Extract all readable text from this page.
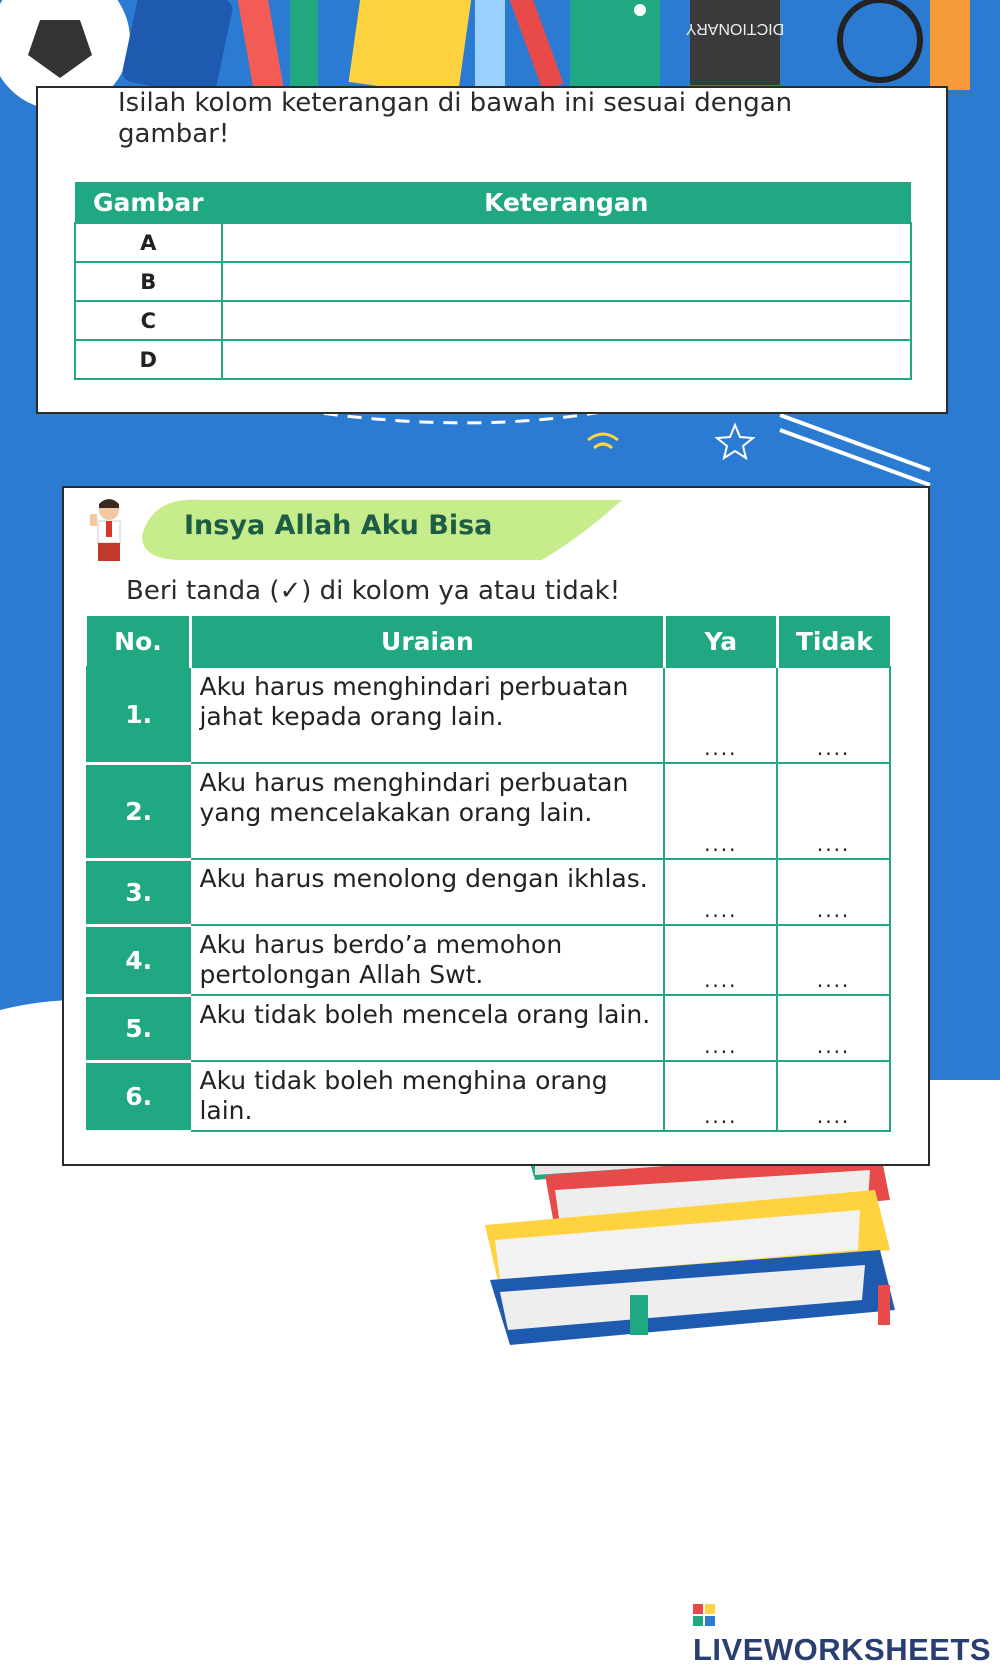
DICTIONARY
Isilah kolom keterangan di bawah ini sesuai dengan gambar!
Gambar	Keterangan
A	
B	
C	
D	
Insya Allah Aku Bisa
Beri tanda (✓) di kolom ya atau tidak!
No.	Uraian	Ya	Tidak
1.	Aku harus menghindari perbuatan jahat kepada orang lain.	....	....
2.	Aku harus menghindari perbuatan yang mencelakakan orang lain.	....	....
3.	Aku harus menolong dengan ikhlas.	....	....
4.	Aku harus berdo’a memohon pertolongan Allah Swt.	....	....
5.	Aku tidak boleh mencela orang lain.	....	....
6.	Aku tidak boleh menghina orang lain.	....	....
LIVEWORKSHEETS
